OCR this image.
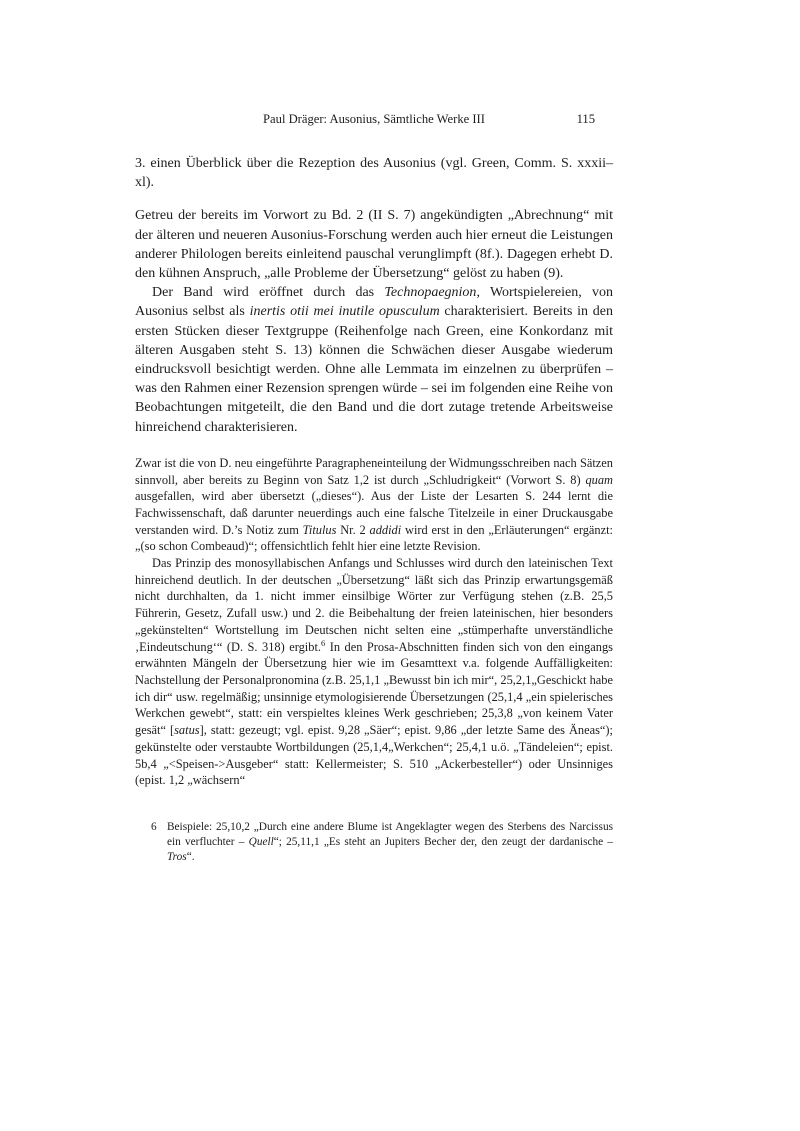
Paul Dräger: Ausonius, Sämtliche Werke III	115

3. einen Überblick über die Rezeption des Ausonius (vgl. Green, Comm. S. xxxii–xl).

Getreu der bereits im Vorwort zu Bd. 2 (II S. 7) angekündigten „Abrechnung“ mit der älteren und neueren Ausonius-Forschung werden auch hier erneut die Leistungen anderer Philologen bereits einleitend pauschal verunglimpft (8f.). Dagegen erhebt D. den kühnen Anspruch, „alle Probleme der Übersetzung“ gelöst zu haben (9).

Der Band wird eröffnet durch das Technopaegnion, Wortspielereien, von Ausonius selbst als inertis otii mei inutile opusculum charakterisiert. Bereits in den ersten Stücken dieser Textgruppe (Reihenfolge nach Green, eine Konkordanz mit älteren Ausgaben steht S. 13) können die Schwächen dieser Ausgabe wiederum eindrucksvoll besichtigt werden. Ohne alle Lemmata im einzelnen zu überprüfen – was den Rahmen einer Rezension sprengen würde – sei im folgenden eine Reihe von Beobachtungen mitgeteilt, die den Band und die dort zutage tretende Arbeitsweise hinreichend charakterisieren.

Zwar ist die von D. neu eingeführte Paragrapheneinteilung der Widmungsschreiben nach Sätzen sinnvoll, aber bereits zu Beginn von Satz 1,2 ist durch „Schludrigkeit“ (Vorwort S. 8) quam ausgefallen, wird aber übersetzt („dieses“). Aus der Liste der Lesarten S. 244 lernt die Fachwissenschaft, daß darunter neuerdings auch eine falsche Titelzeile in einer Druckausgabe verstanden wird. D.’s Notiz zum Titulus Nr. 2 addidi wird erst in den „Erläuterungen“ ergänzt: „(so schon Combeaud)“; offensichtlich fehlt hier eine letzte Revision.

Das Prinzip des monosyllabischen Anfangs und Schlusses wird durch den lateinischen Text hinreichend deutlich. In der deutschen „Übersetzung“ läßt sich das Prinzip erwartungsgemäß nicht durchhalten, da 1. nicht immer einsilbige Wörter zur Verfügung stehen (z.B. 25,5 Führerin, Gesetz, Zufall usw.) und 2. die Beibehaltung der freien lateinischen, hier besonders „gekünstelten“ Wortstellung im Deutschen nicht selten eine „stümperhafte unverständliche ‚Eindeutschung‘“ (D. S. 318) ergibt.$^6$ In den Prosa-Abschnitten finden sich von den eingangs erwähnten Mängeln der Übersetzung hier wie im Gesamttext v.a. folgende Auffälligkeiten: Nachstellung der Personalpronomina (z.B. 25,1,1 „Bewusst bin ich mir“, 25,2,1„Geschickt habe ich dir“ usw. regelmäßig; unsinnige etymologisierende Übersetzungen (25,1,4 „ein spielerisches Werkchen gewebt“, statt: ein verspieltes kleines Werk geschrieben; 25,3,8 „von keinem Vater gesät“ [satus], statt: gezeugt; vgl. epist. 9,28 „Säer“; epist. 9,86 „der letzte Same des Äneas“); gekünstelte oder verstaubte Wortbildungen (25,1,4„Werkchen“; 25,4,1 u.ö. „Tändeleien“; epist. 5b,4 „<Speisen->Ausgeber“ statt: Kellermeister; S. 510 „Ackerbesteller“) oder Unsinniges (epist. 1,2 „wächsern“

6 Beispiele: 25,10,2 „Durch eine andere Blume ist Angeklagter wegen des Sterbens des Narcissus ein verfluchter – Quell“; 25,11,1 „Es steht an Jupiters Becher der, den zeugt der dardanische – Tros“.
